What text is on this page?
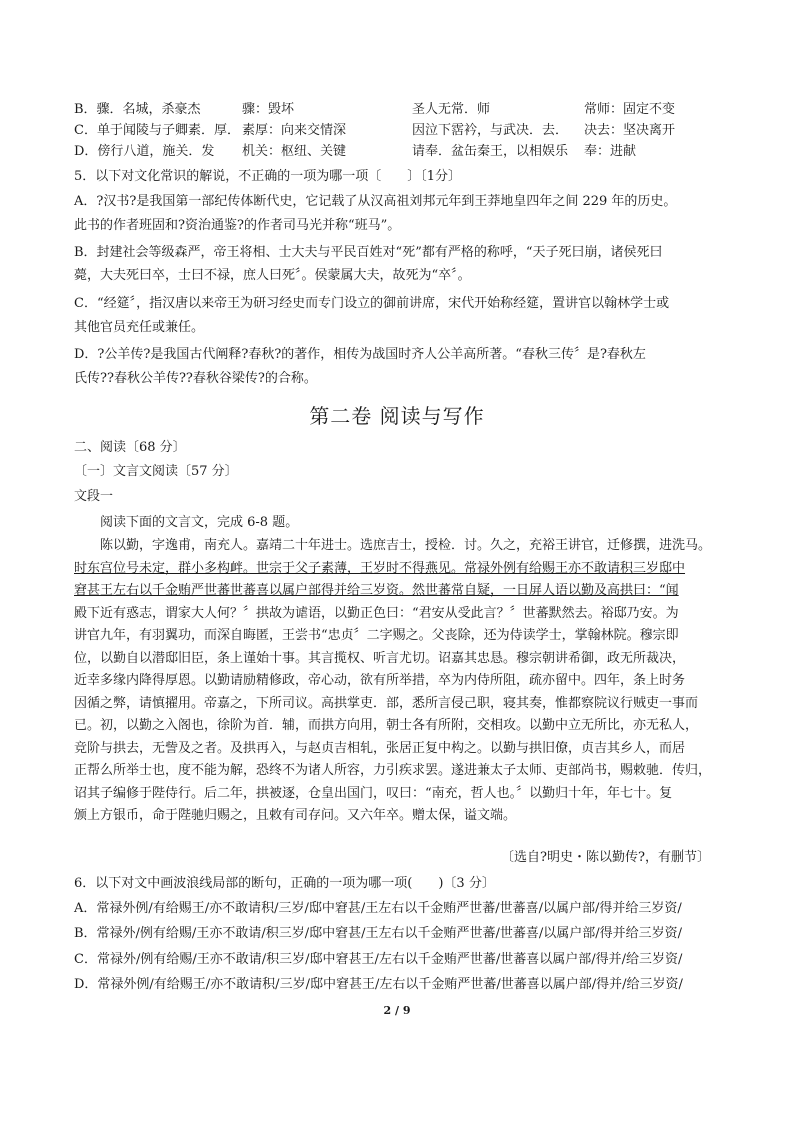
B．骤．名城，杀豪杰	骤：毁坏	圣人无常．师	常师：固定不变
C．单于闻陵与子卿素．厚． 素厚：向来交情深	因泣下霑衿，与武决．去． 决去：坚决离开
D．傍行八道，施关．发 机关：枢纽、关键	请奉．盆缶秦王，以相娱乐 奉：进献
5．以下对文化常识的解说，不正确的一项为哪一项〔　　〕〔1分〕
A．?汉书?是我国第一部纪传体断代史，它记载了从汉高祖刘邦元年到王莽地皇四年之间 229 年的历史。
此书的作者班固和?资治通鉴?的作者司马光并称“班马”。
B．封建社会等级森严，帝王将相、士大夫与平民百姓对“死”都有严格的称呼，“天子死曰崩，诸侯死曰
薨，大夫死曰卒，士曰不禄，庶人曰死〞。侯蒙属大夫，故死为“卒〞。
C．“经筵〞，指汉唐以来帝王为研习经史而专门设立的御前讲席，宋代开始称经筵，置讲官以翰林学士或
其他官员充任或兼任。
D．?公羊传?是我国古代阐释?春秋?的著作，相传为战国时齐人公羊高所著。“春秋三传〞是?春秋左
氏传??春秋公羊传??春秋谷梁传?的合称。
第二卷 阅读与写作
二、阅读〔68 分〕
〔一〕文言文阅读〔57 分〕
文段一
阅读下面的文言文，完成 6-8 题。

陈以勤，字逸甫，南充人。嘉靖二十年进士。选庶吉士，授检．讨。久之，充裕王讲官，迁修撰，进洗马。

时东宫位号未定，群小多构衅。世宗于父子素薄，王岁时不得燕见。常禄外例有给赐王亦不敢请积三岁邸中

窘甚王左右以千金贿严世蕃世蕃喜以属户部得并给三岁资。然世蕃常自疑，一日屏人语以勤及高拱曰：“闻

殿下近有惑志，谓家大人何？〞拱故为谑语，以勤正色曰：“君安从受此言？〞世蕃默然去。裕邸乃安。为

讲官九年，有羽翼功，而深自晦匿，王尝书“忠贞〞二字赐之。父丧除，还为侍读学士，掌翰林院。穆宗即

位，以勤自以潜邸旧臣，条上谨始十事。其言揽权、听言尤切。诏嘉其忠恳。穆宗朝讲希御，政无所裁决，

近幸多缘内降得厚恩。以勤请励精修政，帝心动，欲有所举措，卒为内侍所阻，疏亦留中。四年，条上时务

因循之弊，请慎擢用。帝嘉之，下所司议。高拱掌吏．部，悉所言侵己职，寝其奏，惟都察院议行贼吏一事而

已。初，以勤之入阁也，徐阶为首．辅，而拱方向用，朝士各有所附，交相攻。以勤中立无所比，亦无私人，

竞阶与拱去，无訾及之者。及拱再入，与赵贞吉相轧，张居正复中构之。以勤与拱旧僚，贞吉其乡人，而居

正帮么所举士也，度不能为解，恐终不为诸人所容，力引疾求罢。遂进兼太子太师、吏部尚书，赐敕驰．传归，

诏其子编修于陛侍行。后二年，拱被逐，仓皇出国门，叹曰：“南充，哲人也。〞以勤归十年，年七十。复

颁上方银币，命于陛驰归赐之，且敕有司存问。又六年卒。赠太保，谥文端。

〔选自?明史・陈以勤传?，有删节〕
6．以下对文中画波浪线局部的断句，正确的一项为哪一项(　　)〔3 分〕
A．常禄外例/有给赐王/亦不敢请积/三岁/邸中窘甚/王左右以千金贿严世蕃/世蕃喜/以属户部/得并给三岁资/
B．常禄外/例有给赐/王亦不敢请/积三岁/邸中窘甚/王左右以千金贿严世蕃/世蕃喜/以属户部/得并给三岁资/
C．常禄外/例有给赐/王亦不敢请/积三岁/邸中窘甚王/左右以千金贿严世蕃/世蕃喜以属户部/得并/给三岁资/
D．常禄外例/有给赐王/亦不敢请积/三岁/邸中窘甚王/左右以千金贿严世蕃/世蕃喜以属户部/得并/给三岁资/
2 / 9
